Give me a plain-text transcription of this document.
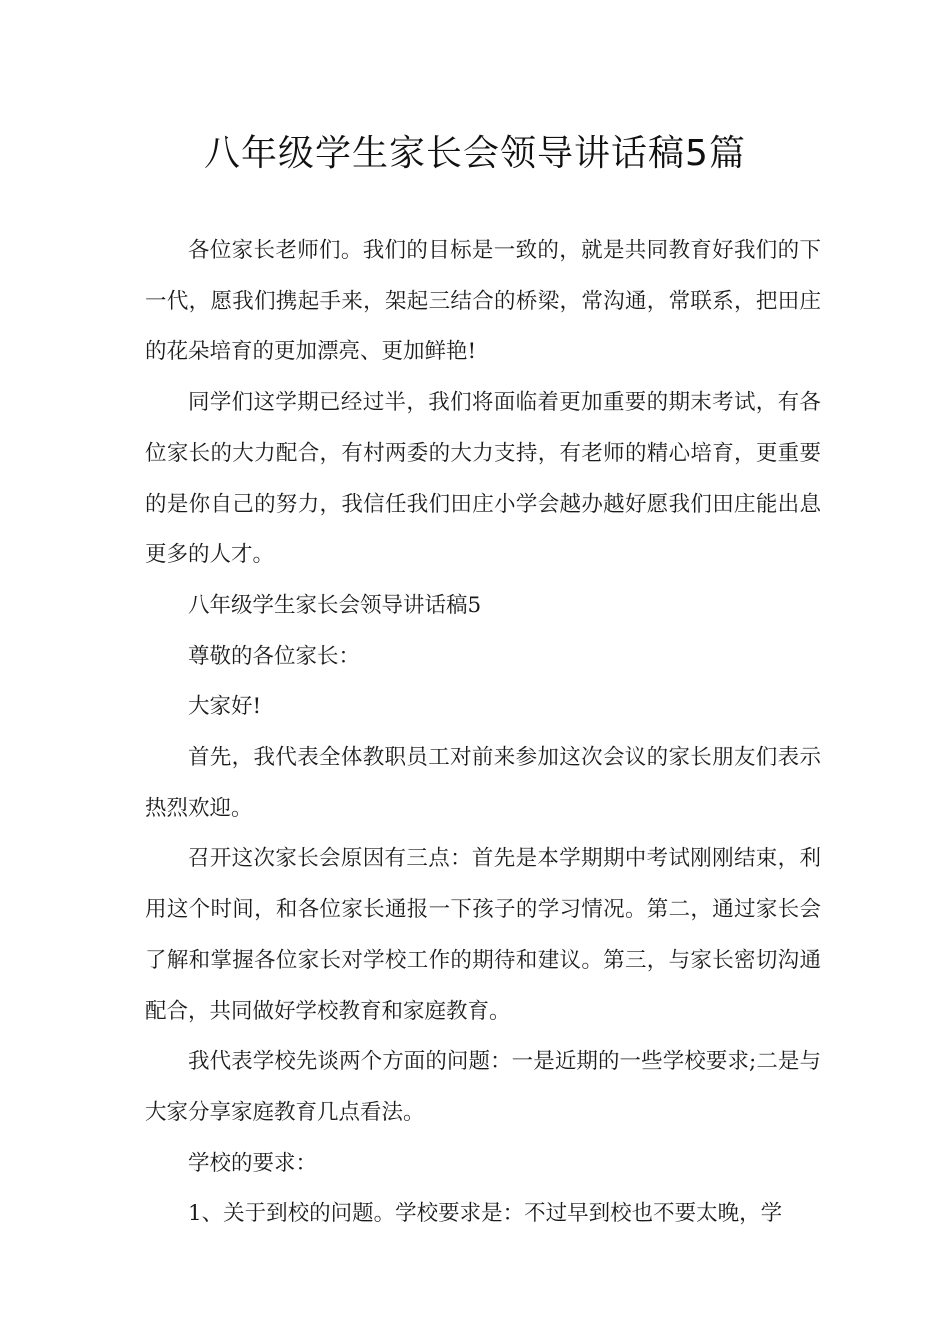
八年级学生家长会领导讲话稿5篇

各位家长老师们。我们的目标是一致的，就是共同教育好我们的下一代，愿我们携起手来，架起三结合的桥梁，常沟通，常联系，把田庄的花朵培育的更加漂亮、更加鲜艳!

同学们这学期已经过半，我们将面临着更加重要的期末考试，有各位家长的大力配合，有村两委的大力支持，有老师的精心培育，更重要的是你自己的努力，我信任我们田庄小学会越办越好愿我们田庄能出息更多的人才。

八年级学生家长会领导讲话稿5

尊敬的各位家长：

大家好!

首先，我代表全体教职员工对前来参加这次会议的家长朋友们表示热烈欢迎。

召开这次家长会原因有三点：首先是本学期期中考试刚刚结束，利用这个时间，和各位家长通报一下孩子的学习情况。第二，通过家长会了解和掌握各位家长对学校工作的期待和建议。第三，与家长密切沟通配合，共同做好学校教育和家庭教育。

我代表学校先谈两个方面的问题：一是近期的一些学校要求;二是与大家分享家庭教育几点看法。

学校的要求：

1、关于到校的问题。学校要求是：不过早到校也不要太晚，学
